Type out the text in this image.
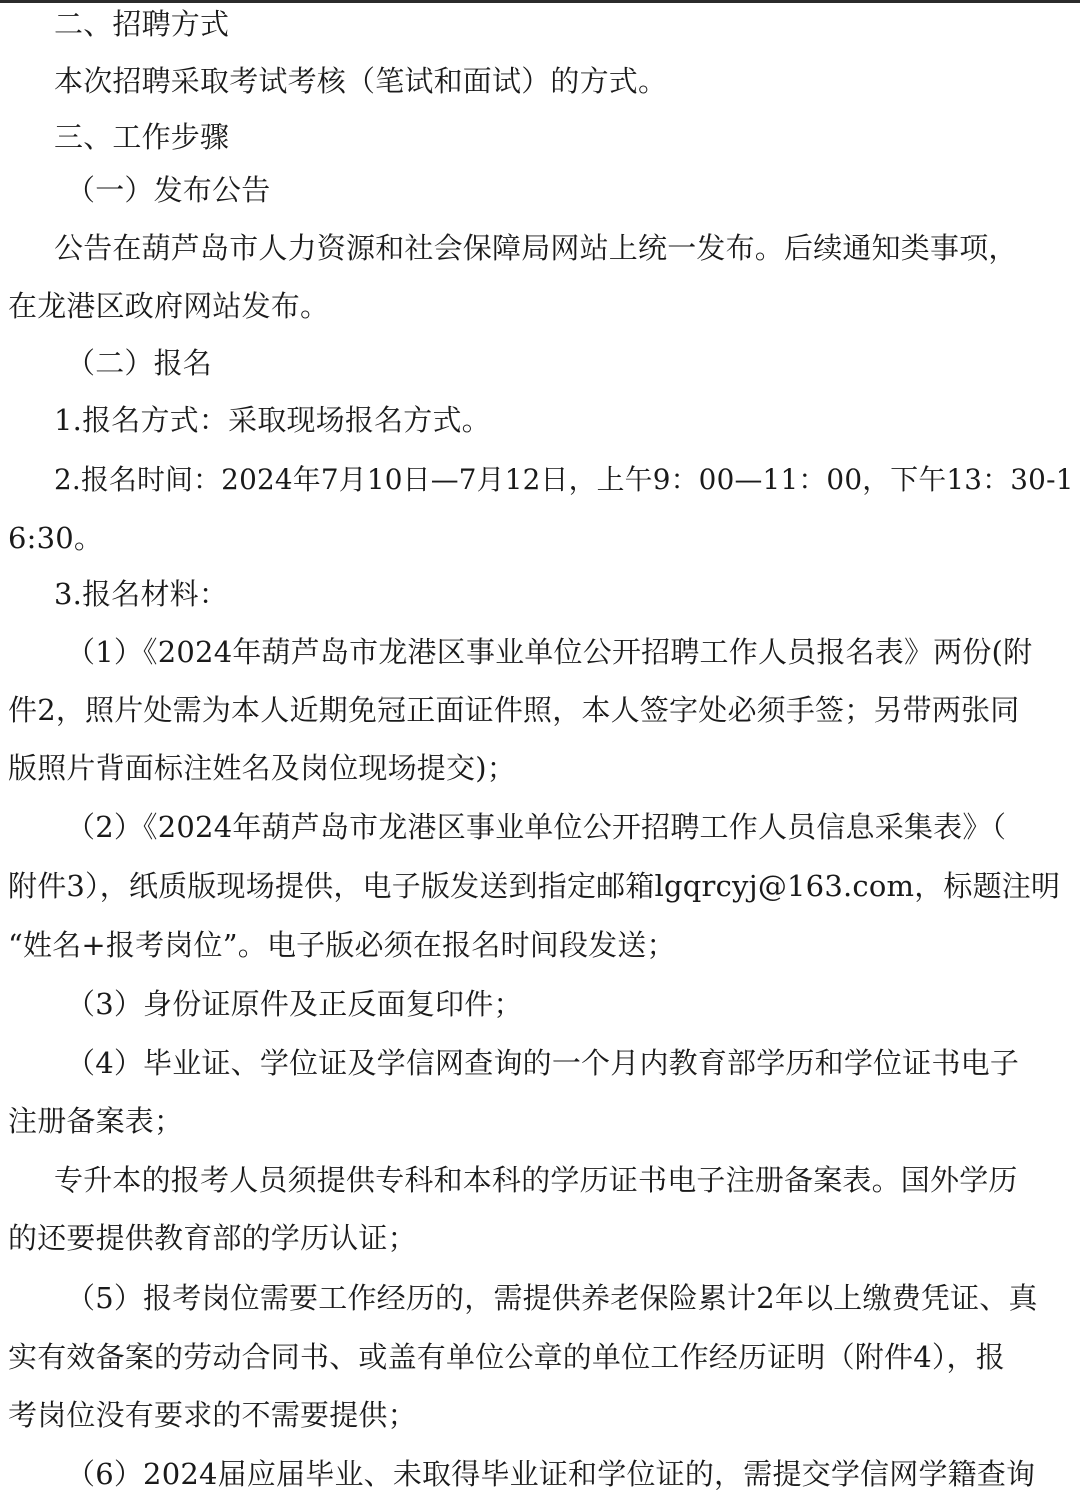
二、招聘方式
本次招聘采取考试考核（笔试和面试）的方式。
三、工作步骤
（一）发布公告
公告在葫芦岛市人力资源和社会保障局网站上统一发布。后续通知类事项，
在龙港区政府网站发布。
（二）报名
1.报名方式：采取现场报名方式。
2.报名时间：2024年7月10日—7月12日，上午9：00—11：00，下午13：30-1
6:30。
3.报名材料：
（1）《2024年葫芦岛市龙港区事业单位公开招聘工作人员报名表》两份(附
件2，照片处需为本人近期免冠正面证件照，本人签字处必须手签；另带两张同
版照片背面标注姓名及岗位现场提交)；
（2）《2024年葫芦岛市龙港区事业单位公开招聘工作人员信息采集表》（
附件3），纸质版现场提供，电子版发送到指定邮箱lgqrcyj@163.com，标题注明
“姓名+报考岗位”。电子版必须在报名时间段发送；
（3）身份证原件及正反面复印件；
（4）毕业证、学位证及学信网查询的一个月内教育部学历和学位证书电子
注册备案表；
专升本的报考人员须提供专科和本科的学历证书电子注册备案表。国外学历
的还要提供教育部的学历认证；
（5）报考岗位需要工作经历的，需提供养老保险累计2年以上缴费凭证、真
实有效备案的劳动合同书、或盖有单位公章的单位工作经历证明（附件4），报
考岗位没有要求的不需要提供；
（6）2024届应届毕业、未取得毕业证和学位证的，需提交学信网学籍查询
